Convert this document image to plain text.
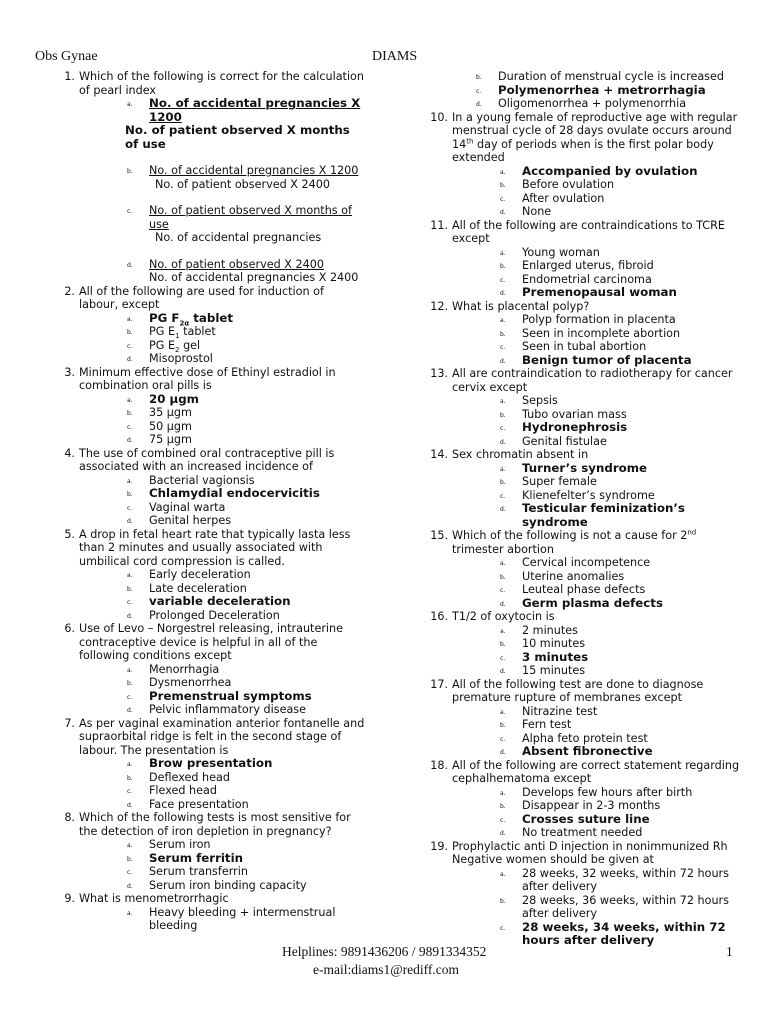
Obs Gynae	DIAMS
1. Which of the following is correct for the calculation of pearl index
a. No. of accidental pregnancies X 1200
No. of patient observed X months of use
b. No. of accidental pregnancies X 1200
No. of patient observed X 2400
c. No. of patient observed X months of use
No. of accidental pregnancies
d. No. of patient observed X 2400
No. of accidental pregnancies X 2400
2. All of the following are used for induction of labour, except
a. PG $F_{2\alpha}$ tablet
b. PG $E_1$ tablet
c. PG $E_2$ gel
d. Misoprostol
3. Minimum effective dose of Ethinyl estradiol in combination oral pills is
a. 20 µgm
b. 35 µgm
c. 50 µgm
d. 75 µgm
4. The use of combined oral contraceptive pill is associated with an increased incidence of
a. Bacterial vagionsis
b. Chlamydial endocervicitis
c. Vaginal warta
d. Genital herpes
5. A drop in fetal heart rate that typically lasta less than 2 minutes and usually associated with umbilical cord compression is called.
a. Early deceleration
b. Late deceleration
c. variable deceleration
d. Prolonged Deceleration
6. Use of Levo – Norgestrel releasing, intrauterine contraceptive device is helpful in all of the following conditions except
a. Menorrhagia
b. Dysmenorrhea
c. Premenstrual symptoms
d. Pelvic inflammatory disease
7. As per vaginal examination anterior fontanelle and supraorbital ridge is felt in the second stage of labour. The presentation is
a. Brow presentation
b. Deflexed head
c. Flexed head
d. Face presentation
8. Which of the following tests is most sensitive for the detection of iron depletion in pregnancy?
a. Serum iron
b. Serum ferritin
c. Serum transferrin
d. Serum iron binding capacity
9. What is menometrorrhagic
a. Heavy bleeding + intermenstrual bleeding
b. Duration of menstrual cycle is increased
c. Polymenorrhea + metrorrhagia
d. Oligomenorrhea + polymenorrhia
10. In a young female of reproductive age with regular menstrual cycle of 28 days ovulate occurs around 14th day of periods when is the first polar body extended
a. Accompanied by ovulation
b. Before ovulation
c. After ovulation
d. None
11. All of the following are contraindications to TCRE except
a. Young woman
b. Enlarged uterus, fibroid
c. Endometrial carcinoma
d. Premenopausal woman
12. What is placental polyp?
a. Polyp formation in placenta
b. Seen in incomplete abortion
c. Seen in tubal abortion
d. Benign tumor of placenta
13. All are contraindication to radiotherapy for cancer cervix except
a. Sepsis
b. Tubo ovarian mass
c. Hydronephrosis
d. Genital fistulae
14. Sex chromatin absent in
a. Turner’s syndrome
b. Super female
c. Klienefelter’s syndrome
d. Testicular feminization’s syndrome
15. Which of the following is not a cause for 2nd trimester abortion
a. Cervical incompetence
b. Uterine anomalies
c. Leuteal phase defects
d. Germ plasma defects
16. T1/2 of oxytocin is
a. 2 minutes
b. 10 minutes
c. 3 minutes
d. 15 minutes
17. All of the following test are done to diagnose premature rupture of membranes except
a. Nitrazine test
b. Fern test
c. Alpha feto protein test
d. Absent fibronective
18. All of the following are correct statement regarding cephalhematoma except
a. Develops few hours after birth
b. Disappear in 2-3 months
c. Crosses suture line
d. No treatment needed
19. Prophylactic anti D injection in nonimmunized Rh Negative women should be given at
a. 28 weeks, 32 weeks, within 72 hours after delivery
b. 28 weeks, 36 weeks, within 72 hours after delivery
c. 28 weeks, 34 weeks, within 72 hours after delivery
Helplines: 9891436206 / 9891334352
e-mail:diams1@rediff.com
1
